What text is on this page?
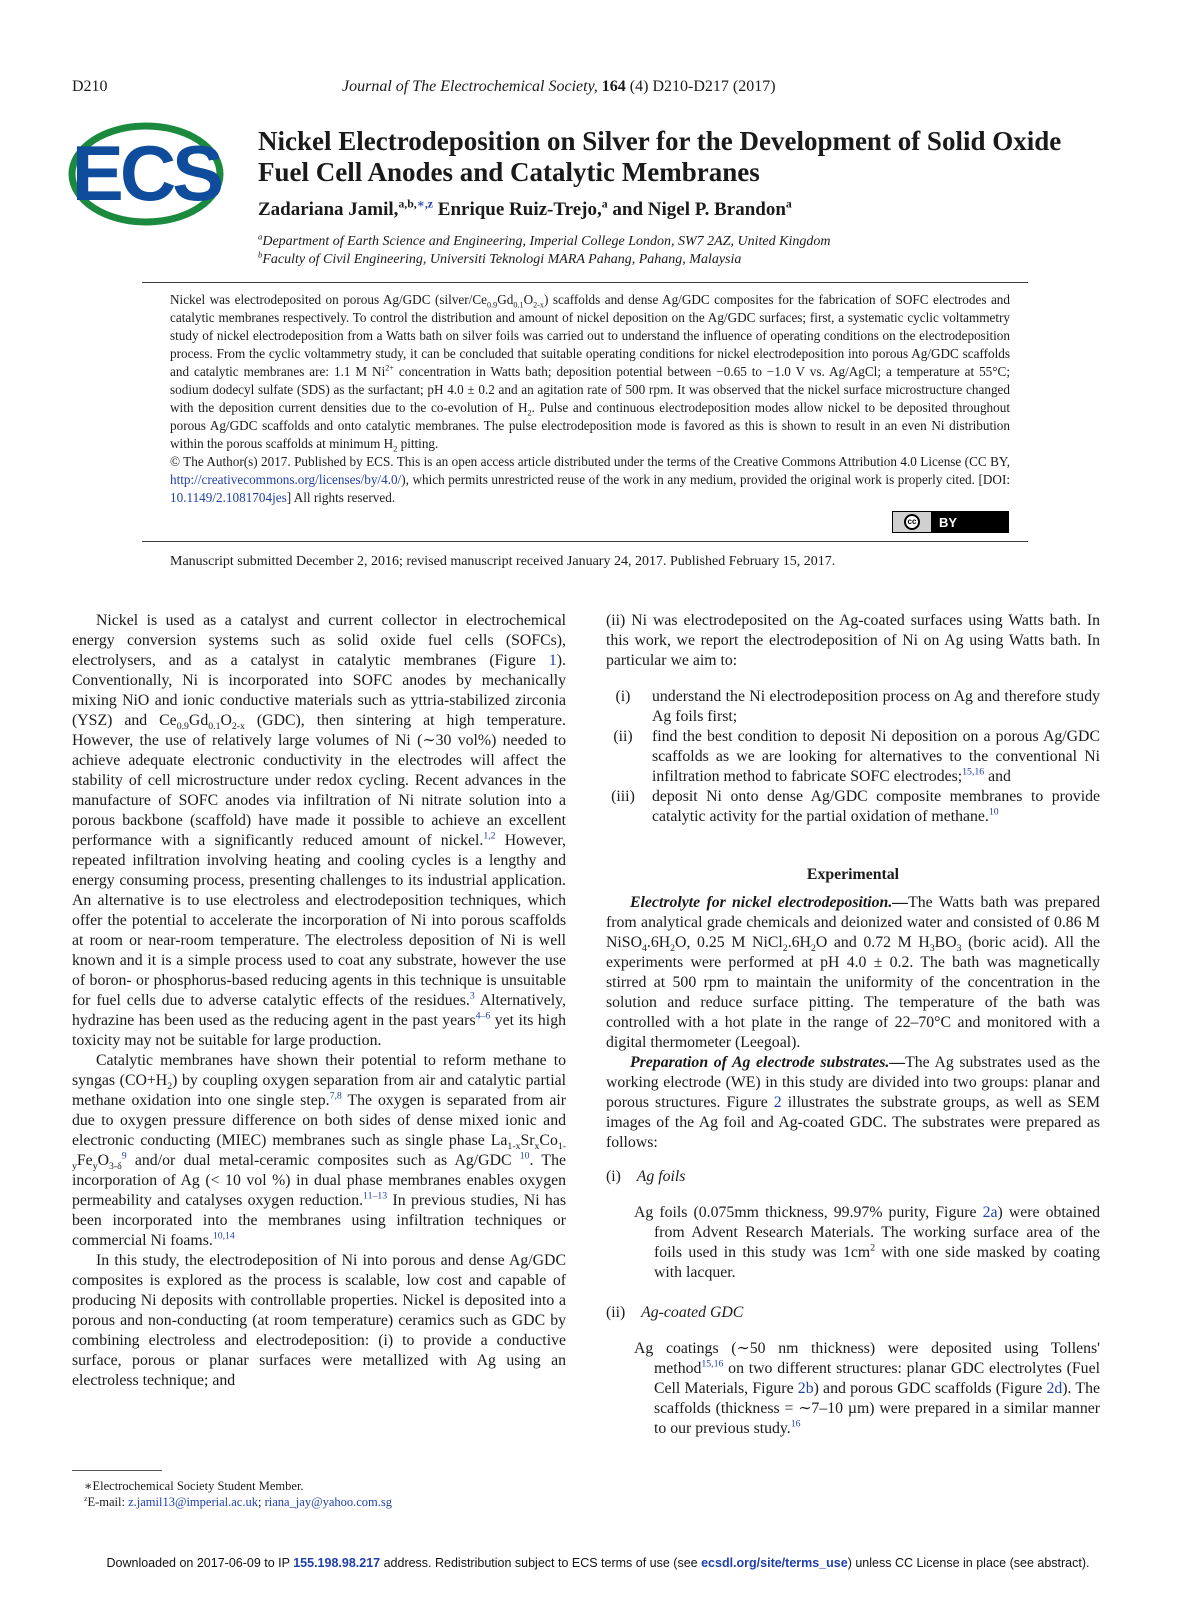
D210	Journal of The Electrochemical Society, 164 (4) D210-D217 (2017)
ECS Nickel Electrodeposition on Silver for the Development of Solid Oxide Fuel Cell Anodes and Catalytic Membranes
Zadariana Jamil,$^{a,b,∗,z}$ Enrique Ruiz-Trejo,$^a$ and Nigel P. Brandon$^a$
$^a$Department of Earth Science and Engineering, Imperial College London, SW7 2AZ, United Kingdom
$^b$Faculty of Civil Engineering, Universiti Teknologi MARA Pahang, Pahang, Malaysia

Nickel was electrodeposited on porous Ag/GDC $(silver/Ce_{0.9}Gd_{0.1}O_{2-x})$ scaffolds and dense Ag/GDC composites for the fabrication of SOFC electrodes and catalytic membranes respectively. To control the distribution and amount of nickel deposition on the Ag/GDC surfaces; first, a systematic cyclic voltammetry study of nickel electrodeposition from a Watts bath on silver foils was carried out to understand the influence of operating conditions on the electrodeposition process. From the cyclic voltammetry study, it can be concluded that suitable operating conditions for nickel electrodeposition into porous Ag/GDC scaffolds and catalytic membranes are: 1.1 M $Ni^{2+}$ concentration in Watts bath; deposition potential between −0.65 to −1.0 V vs. Ag/AgCl; a temperature at 55°C; sodium dodecyl sulfate (SDS) as the surfactant; pH 4.0 ± 0.2 and an agitation rate of 500 rpm. It was observed that the nickel surface microstructure changed with the deposition current densities due to the co-evolution of $H_2$. Pulse and continuous electrodeposition modes allow nickel to be deposited throughout porous Ag/GDC scaffolds and onto catalytic membranes. The pulse electrodeposition mode is favored as this is shown to result in an even Ni distribution within the porous scaffolds at minimum $H_2$ pitting.

© The Author(s) 2017. Published by ECS. This is an open access article distributed under the terms of the Creative Commons Attribution 4.0 License (CC BY, http://creativecommons.org/licenses/by/4.0/), which permits unrestricted reuse of the work in any medium, provided the original work is properly cited. [DOI: 10.1149/2.1081704jes] All rights reserved.

cc BY
Manuscript submitted December 2, 2016; revised manuscript received January 24, 2017. Published February 15, 2017.

Nickel is used as a catalyst and current collector in electrochemical energy conversion systems such as solid oxide fuel cells (SOFCs), electrolysers, and as a catalyst in catalytic membranes (Figure 1). Conventionally, Ni is incorporated into SOFC anodes by mechanically mixing NiO and ionic conductive materials such as yttria-stabilized zirconia (YSZ) and $Ce_{0.9}Gd_{0.1}O_{2-x}$ (GDC), then sintering at high temperature. However, the use of relatively large volumes of Ni (∼30 vol%) needed to achieve adequate electronic conductivity in the electrodes will affect the stability of cell microstructure under redox cycling. Recent advances in the manufacture of SOFC anodes via infiltration of Ni nitrate solution into a porous backbone (scaffold) have made it possible to achieve an excellent performance with a significantly reduced amount of nickel.$^{1,2}$ However, repeated infiltration involving heating and cooling cycles is a lengthy and energy consuming process, presenting challenges to its industrial application. An alternative is to use electroless and electrodeposition techniques, which offer the potential to accelerate the incorporation of Ni into porous scaffolds at room or near-room temperature. The electroless deposition of Ni is well known and it is a simple process used to coat any substrate, however the use of boron- or phosphorus-based reducing agents in this technique is unsuitable for fuel cells due to adverse catalytic effects of the residues.$^3$ Alternatively, hydrazine has been used as the reducing agent in the past years$^{4-6}$ yet its high toxicity may not be suitable for large production.

Catalytic membranes have shown their potential to reform methane to syngas $(CO+H_2)$ by coupling oxygen separation from air and catalytic partial methane oxidation into one single step.$^{7,8}$ The oxygen is separated from air due to oxygen pressure difference on both sides of dense mixed ionic and electronic conducting (MIEC) membranes such as single phase $La_{1-x}Sr_xCo_{1-y}Fe_yO_{3-\delta}^9$ and/or dual metal-ceramic composites such as Ag/GDC $^{10}$. The incorporation of Ag (< 10 vol %) in dual phase membranes enables oxygen permeability and catalyses oxygen reduction.$^{11-13}$ In previous studies, Ni has been incorporated into the membranes using infiltration techniques or commercial Ni foams.$^{10,14}$

In this study, the electrodeposition of Ni into porous and dense Ag/GDC composites is explored as the process is scalable, low cost and capable of producing Ni deposits with controllable properties. Nickel is deposited into a porous and non-conducting (at room temperature) ceramics such as GDC by combining electroless and electrodeposition: (i) to provide a conductive surface, porous or planar surfaces were metallized with Ag using an electroless technique; and

(ii) Ni was electrodeposited on the Ag-coated surfaces using Watts bath. In this work, we report the electrodeposition of Ni on Ag using Watts bath. In particular we aim to:

(i)	understand the Ni electrodeposition process on Ag and therefore study Ag foils first;
(ii)	find the best condition to deposit Ni deposition on a porous Ag/GDC scaffolds as we are looking for alternatives to the conventional Ni infiltration method to fabricate SOFC electrodes;$^{15,16}$ and
(iii)	deposit Ni onto dense Ag/GDC composite membranes to provide catalytic activity for the partial oxidation of methane.$^{10}$
Experimental

Electrolyte for nickel electrodeposition.—The Watts bath was prepared from analytical grade chemicals and deionized water and consisted of 0.86 M $NiSO_4.6H_2O$, 0.25 M $NiCl_2.6H_2O$ and 0.72 M $H_3BO_3$ (boric acid). All the experiments were performed at pH 4.0 ± 0.2. The bath was magnetically stirred at 500 rpm to maintain the uniformity of the concentration in the solution and reduce surface pitting. The temperature of the bath was controlled with a hot plate in the range of 22–70°C and monitored with a digital thermometer (Leegoal).

Preparation of Ag electrode substrates.—The Ag substrates used as the working electrode (WE) in this study are divided into two groups: planar and porous structures. Figure 2 illustrates the substrate groups, as well as SEM images of the Ag foil and Ag-coated GDC. The substrates were prepared as follows:

(i) Ag foils

Ag foils (0.075mm thickness, 99.97% purity, Figure 2a) were obtained from Advent Research Materials. The working surface area of the foils used in this study was $1cm^2$ with one side masked by coating with lacquer.

(ii) Ag-coated GDC

Ag coatings (∼50 nm thickness) were deposited using Tollens' method$^{15,16}$ on two different structures: planar GDC electrolytes (Fuel Cell Materials, Figure 2b) and porous GDC scaffolds (Figure 2d). The scaffolds (thickness = ∼7–10 µm) were prepared in a similar manner to our previous study.$^{16}$

∗Electrochemical Society Student Member.
$^z$E-mail: z.jamil13@imperial.ac.uk; riana_jay@yahoo.com.sg
Downloaded on 2017-06-09 to IP 155.198.98.217 address. Redistribution subject to ECS terms of use (see ecsdl.org/site/terms_use) unless CC License in place (see abstract).
